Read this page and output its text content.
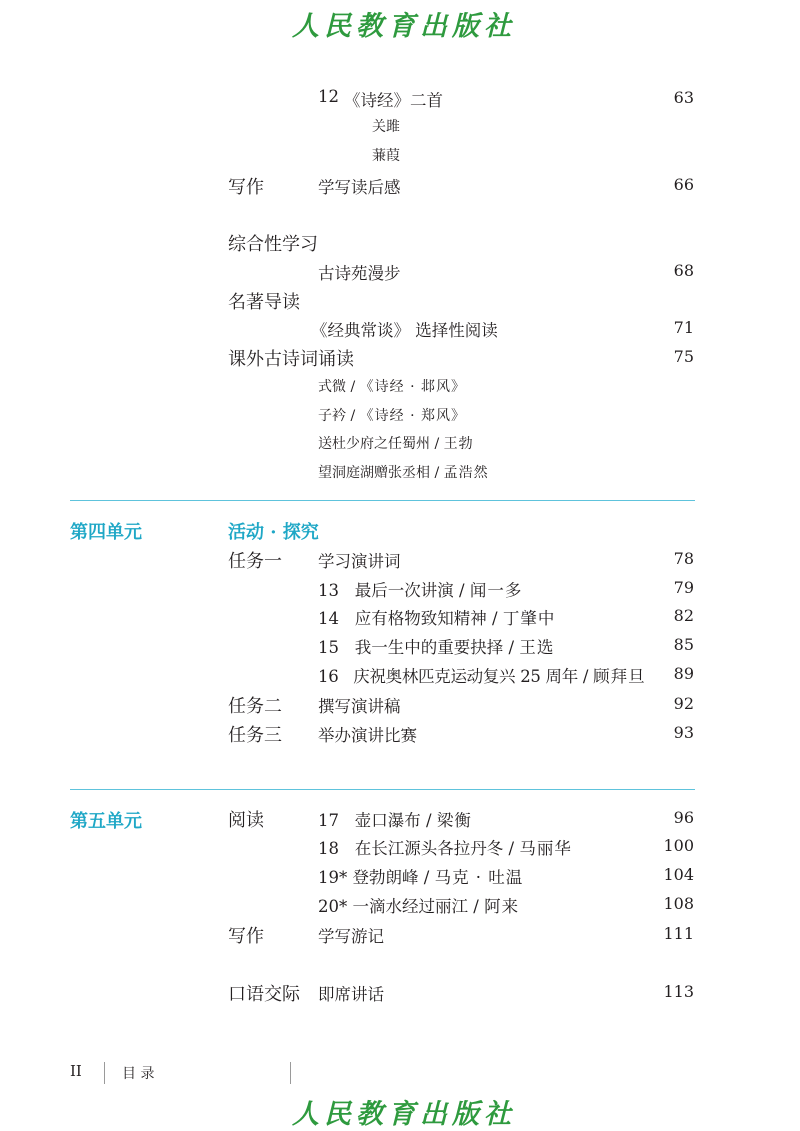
人民教育出版社
12 《诗经》二首	63
关雎
蒹葭
写作	学写读后感	66
综合性学习
古诗苑漫步	68
名著导读
《经典常谈》 选择性阅读	71
课外古诗词诵读	75
式微 / 《诗经 · 邶风》
子衿 / 《诗经 · 郑风》
送杜少府之任蜀州 / 王勃
望洞庭湖赠张丞相 / 孟浩然
第四单元	活动 · 探究
任务一 学习演讲词	78
13 最后一次讲演 / 闻一多	79
14 应有格物致知精神 / 丁肇中	82
15 我一生中的重要抉择 / 王选	85
16 庆祝奥林匹克运动复兴 25 周年 / 顾拜旦 89
任务二 撰写演讲稿	92
任务三 举办演讲比赛	93
第五单元	阅读	17 壶口瀑布 / 梁衡	96
18 在长江源头各拉丹冬 / 马丽华	100
19* 登勃朗峰 / 马克 · 吐温	104
20* 一滴水经过丽江 / 阿来	108
写作	学写游记	111
口语交际 即席讲话	113
II	目 录
人民教育出版社
